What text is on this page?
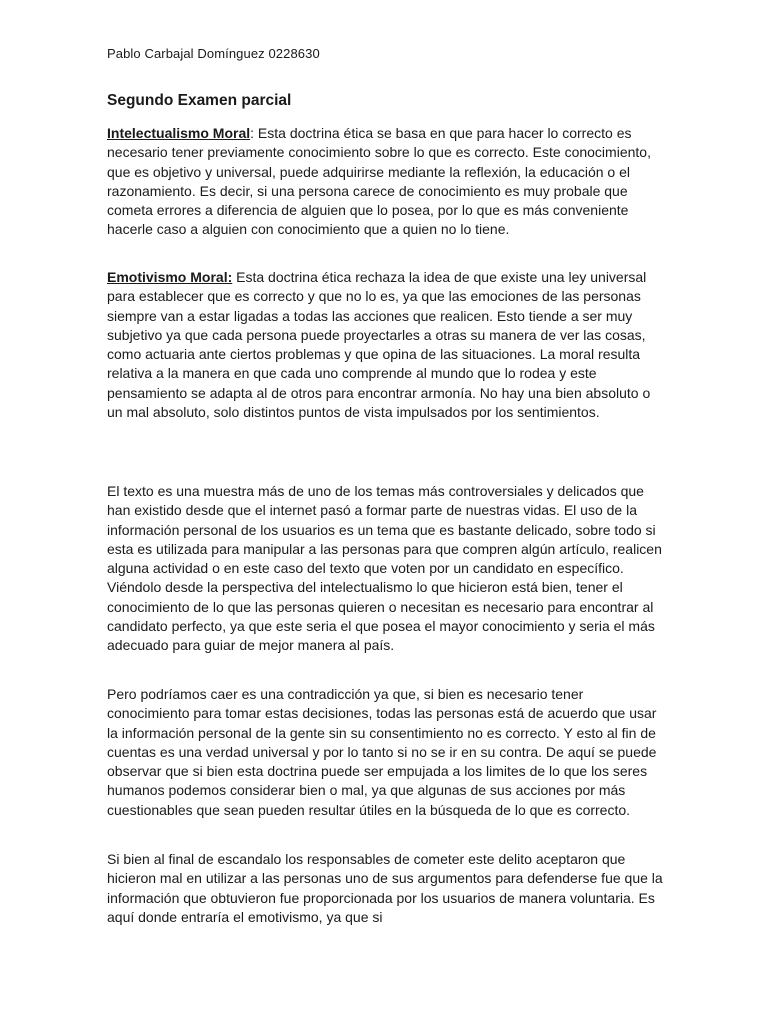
Pablo Carbajal Domínguez 0228630
Segundo Examen parcial

Intelectualismo Moral: Esta doctrina ética se basa en que para hacer lo correcto es necesario tener previamente conocimiento sobre lo que es correcto. Este conocimiento, que es objetivo y universal, puede adquirirse mediante la reflexión, la educación o el razonamiento. Es decir, si una persona carece de conocimiento es muy probale que cometa errores a diferencia de alguien que lo posea, por lo que es más conveniente hacerle caso a alguien con conocimiento que a quien no lo tiene.

Emotivismo Moral: Esta doctrina ética rechaza la idea de que existe una ley universal para establecer que es correcto y que no lo es, ya que las emociones de las personas siempre van a estar ligadas a todas las acciones que realicen. Esto tiende a ser muy subjetivo ya que cada persona puede proyectarles a otras su manera de ver las cosas, como actuaria ante ciertos problemas y que opina de las situaciones. La moral resulta relativa a la manera en que cada uno comprende al mundo que lo rodea y este pensamiento se adapta al de otros para encontrar armonía. No hay una bien absoluto o un mal absoluto, solo distintos puntos de vista impulsados por los sentimientos.

El texto es una muestra más de uno de los temas más controversiales y delicados que han existido desde que el internet pasó a formar parte de nuestras vidas. El uso de la información personal de los usuarios es un tema que es bastante delicado, sobre todo si esta es utilizada para manipular a las personas para que compren algún artículo, realicen alguna actividad o en este caso del texto que voten por un candidato en específico. Viéndolo desde la perspectiva del intelectualismo lo que hicieron está bien, tener el conocimiento de lo que las personas quieren o necesitan es necesario para encontrar al candidato perfecto, ya que este seria el que posea el mayor conocimiento y seria el más adecuado para guiar de mejor manera al país.

Pero podríamos caer es una contradicción ya que, si bien es necesario tener conocimiento para tomar estas decisiones, todas las personas está de acuerdo que usar la información personal de la gente sin su consentimiento no es correcto. Y esto al fin de cuentas es una verdad universal y por lo tanto si no se ir en su contra. De aquí se puede observar que si bien esta doctrina puede ser empujada a los limites de lo que los seres humanos podemos considerar bien o mal, ya que algunas de sus acciones por más cuestionables que sean pueden resultar útiles en la búsqueda de lo que es correcto.

Si bien al final de escandalo los responsables de cometer este delito aceptaron que hicieron mal en utilizar a las personas uno de sus argumentos para defenderse fue que la información que obtuvieron fue proporcionada por los usuarios de manera voluntaria. Es aquí donde entraría el emotivismo, ya que si
